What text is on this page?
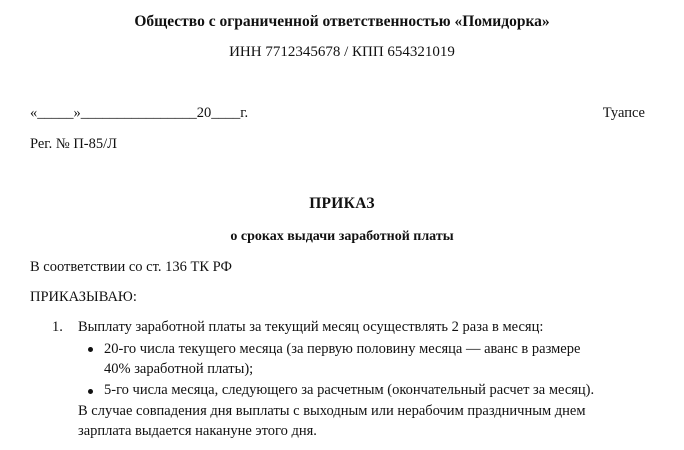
Общество с ограниченной ответственностью «Помидорка»
ИНН 7712345678 / КПП 654321019
«_____»________________20____г.	Туапсе
Рег. № П-85/Л
ПРИКАЗ
о сроках выдачи заработной платы
В соответствии со ст. 136 ТК РФ
ПРИКАЗЫВАЮ:
1. Выплату заработной платы за текущий месяц осуществлять 2 раза в месяц:
20-го числа текущего месяца (за первую половину месяца — аванс в размере
40% заработной платы);
5-го числа месяца, следующего за расчетным (окончательный расчет за месяц).
В случае совпадения дня выплаты с выходным или нерабочим праздничным днем
зарплата выдается накануне этого дня.
